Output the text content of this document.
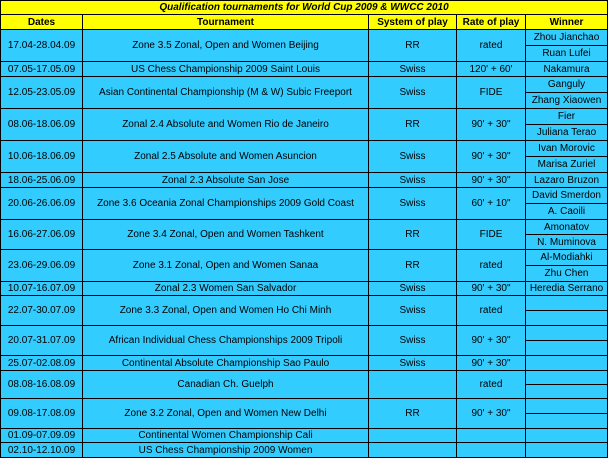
Qualification tournaments for World Cup 2009 & WWCC 2010				
Dates	Tournament	System of play	Rate of play	Winner
17.04-28.04.09	Zone 3.5 Zonal, Open and Women Beijing	RR	rated	Zhou Jianchao
				Ruan Lufei
07.05-17.05.09	US Chess Championship 2009 Saint Louis	Swiss	120' + 60'	Nakamura
12.05-23.05.09	Asian Continental Championship (M & W) Subic Freeport	Swiss	FIDE	Ganguly
				Zhang Xiaowen
08.06-18.06.09	Zonal 2.4 Absolute and Women Rio de Janeiro	RR	90' + 30"	Fier
				Juliana Terao
10.06-18.06.09	Zonal 2.5 Absolute and Women Asuncion	Swiss	90' + 30"	Ivan Morovic
				Marisa Zuriel
18.06-25.06.09	Zonal 2.3 Absolute San Jose	Swiss	90' + 30"	Lazaro Bruzon
20.06-26.06.09	Zone 3.6 Oceania Zonal Championships 2009 Gold Coast	Swiss	60' + 10"	David Smerdon
				A. Caoili
16.06-27.06.09	Zone 3.4 Zonal, Open and Women Tashkent	RR	FIDE	Amonatov
				N. Muminova
23.06-29.06.09	Zone 3.1 Zonal, Open and Women Sanaa	RR	rated	Al-Modiahki
				Zhu Chen
10.07-16.07.09	Zonal 2.3 Women San Salvador	Swiss	90' + 30"	Heredia Serrano
22.07-30.07.09	Zone 3.3 Zonal, Open and Women Ho Chi Minh	Swiss	rated	

20.07-31.07.09	African Individual Chess Championships 2009 Tripoli	Swiss	90' + 30"	

25.07-02.08.09	Continental Absolute Championship Sao Paulo	Swiss	90' + 30"	
08.08-16.08.09	Canadian Ch. Guelph		rated	

09.08-17.08.09	Zone 3.2 Zonal, Open and Women New Delhi	RR	90' + 30"	

01.09-07.09.09	Continental Women Championship Cali			
02.10-12.10.09	US Chess Championship 2009 Women			
